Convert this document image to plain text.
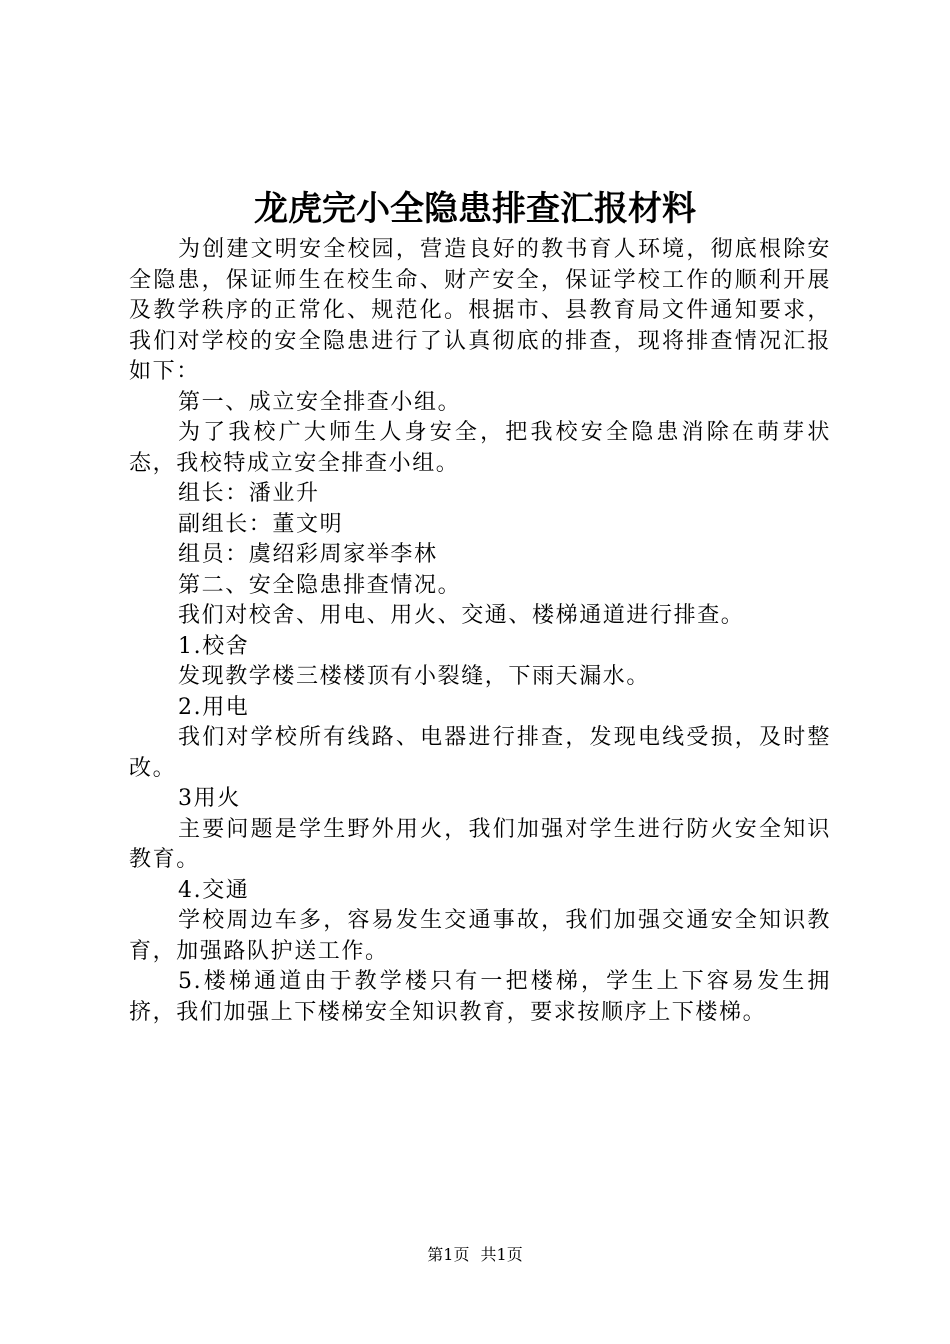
龙虎完小全隐患排查汇报材料

为创建文明安全校园，营造良好的教书育人环境，彻底根除安全隐患，保证师生在校生命、财产安全，保证学校工作的顺利开展及教学秩序的正常化、规范化。根据市、县教育局文件通知要求，我们对学校的安全隐患进行了认真彻底的排查，现将排查情况汇报如下：

第一、成立安全排查小组。

为了我校广大师生人身安全，把我校安全隐患消除在萌芽状态，我校特成立安全排查小组。

组长：潘业升

副组长：董文明

组员：虞绍彩周家举李林

第二、安全隐患排查情况。

我们对校舍、用电、用火、交通、楼梯通道进行排查。

1.校舍

发现教学楼三楼楼顶有小裂缝，下雨天漏水。

2.用电

我们对学校所有线路、电器进行排查，发现电线受损，及时整改。

3用火

主要问题是学生野外用火，我们加强对学生进行防火安全知识教育。

4.交通

学校周边车多，容易发生交通事故，我们加强交通安全知识教育，加强路队护送工作。

5.楼梯通道由于教学楼只有一把楼梯，学生上下容易发生拥挤，我们加强上下楼梯安全知识教育，要求按顺序上下楼梯。

第1页 共1页
